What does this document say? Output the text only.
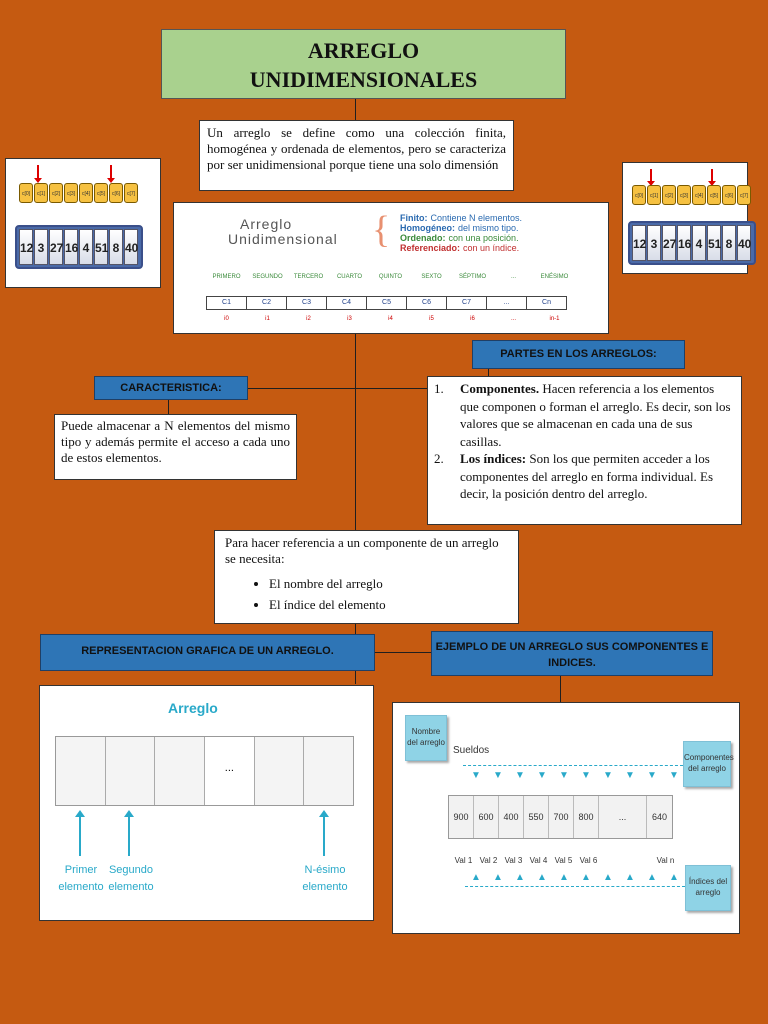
ARREGLO
UNIDIMENSIONALES
Un arreglo se define como una colección finita, homogénea y ordenada de elementos, pero se caracteriza por ser unidimensional porque tiene una solo dimensión
c[0] c[1] c[2] c[3] c[4] c[5] c[6] c[7]
12 3 27 16 4 51 8 40
c[0] c[1] c[2] c[3] c[4] c[5] c[6] c[7]
12 3 27 16 4 51 8 40
Arreglo
Unidimensional { Finito: Contiene N elementos.
Homogéneo: del mismo tipo.
Ordenado: con una posición.
Referenciado: con un índice.
PRIMERO SEGUNDO TERCERO CUARTO	QUINTO	SEXTO	SÉPTIMO	...	ENÉSIMO
C1	C2	C3	C4	C5	C6	C7	...	Cn
i0	i1	i2	i3	i4	i5	i6	...	in-1
PARTES EN LOS ARREGLOS:
1. Componentes. Hacen referencia a los elementos que componen o forman el arreglo. Es decir, son los valores que se almacenan en cada una de sus casillas.
2. Los índices: Son los que permiten acceder a los componentes del arreglo en forma individual. Es decir, la posición dentro del arreglo.
CARACTERISTICA:
Puede almacenar a N elementos del mismo tipo y además permite el acceso a cada uno de estos elementos.
Para hacer referencia a un componente de un arreglo se necesita:
• El nombre del arreglo
• El índice del elemento
REPRESENTACION GRAFICA DE UN ARREGLO.	EJEMPLO DE UN ARREGLO SUS COMPONENTES E INDICES.
Arreglo
...
Primer elemento
Segundo elemento
N-ésimo elemento
Nombre del arreglo
Sueldos
Componentes del arreglo
▼ ▼ ▼ ▼ ▼ ▼ ▼ ▼ ▼ ▼
900	600	400	550	700	800	...	640
Val 1 Val 2 Val 3 Val 4 Val 5 Val 6	Val n
▲ ▲ ▲ ▲ ▲ ▲ ▲ ▲ ▲ ▲	Índices del arreglo
